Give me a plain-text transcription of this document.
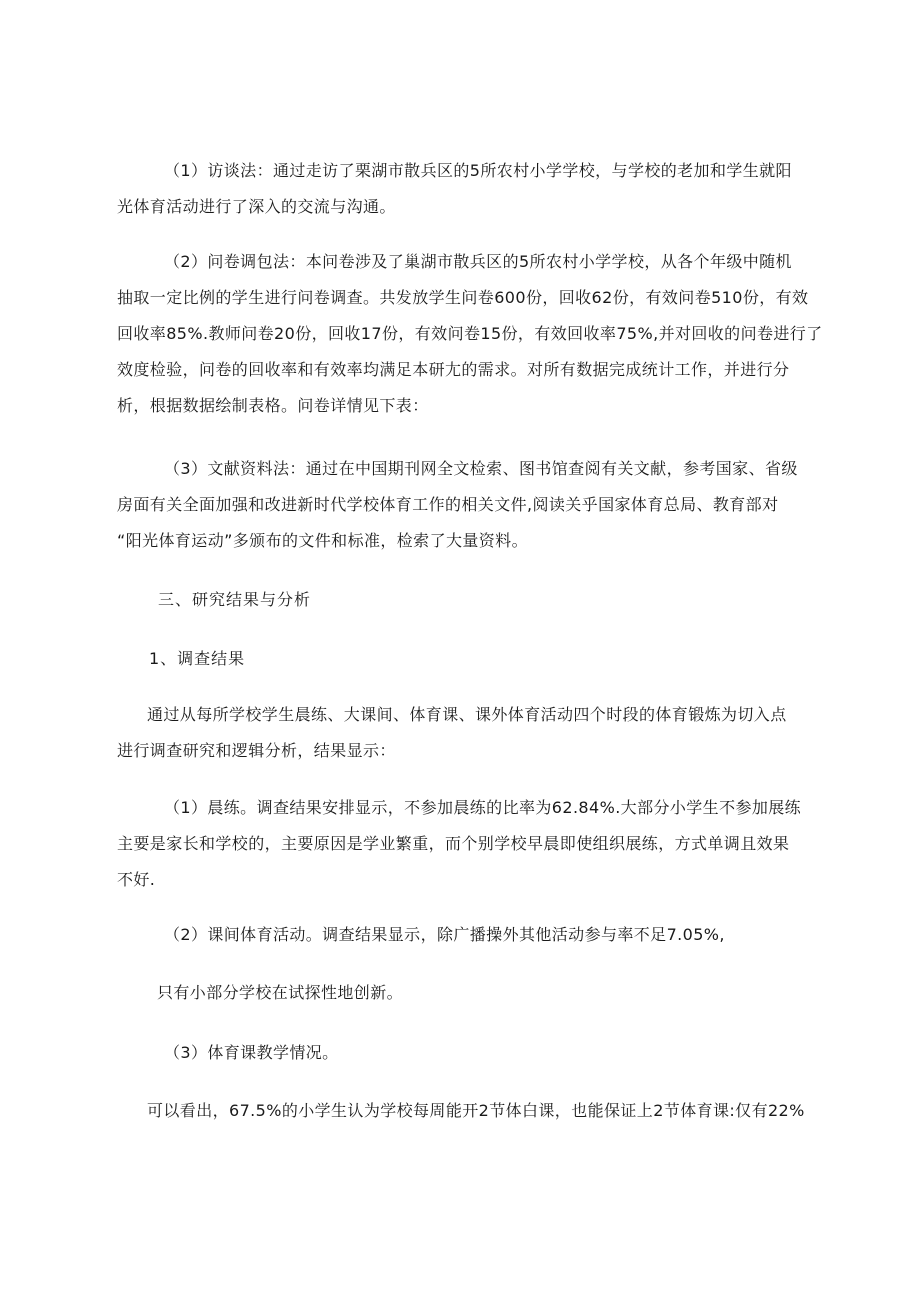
（1）访谈法：通过走访了栗湖市散兵区的5所农村小学学校，与学校的老加和学生就阳
光体育活动进行了深入的交流与沟通。
（2）问卷调包法：本问卷涉及了巢湖市散兵区的5所农村小学学校，从各个年级中随机
抽取一定比例的学生进行问卷调查。共发放学生问卷600份，回收62份，有效问卷510份，有效
回收率85%.教师问卷20份，回收17份，有效问卷15份，有效回收率75%,并对回收的问卷进行了
效度检验，问卷的回收率和有效率均满足本研尢的需求。对所有数据完成统计工作，并进行分
析，根据数据绘制表格。问卷详情见下表：
（3）文献资料法：通过在中国期刊网全文检索、图书馆查阅有关文献，参考国家、省级
房面有关全面加强和改进新时代学校体育工作的相关文件,阅读关乎国家体育总局、教育部对
“阳光体育运动”多颁布的文件和标准，检索了大量资料。
三、研究结果与分析
1、调查结果
通过从每所学校学生晨练、大课间、体育课、课外体育活动四个时段的体育锻炼为切入点
进行调查研究和逻辑分析，结果显示：
（1）晨练。调查结果安排显示，不参加晨练的比率为62.84%.大部分小学生不参加展练
主要是家长和学校的，主要原因是学业繁重，而个别学校早晨即使组织展练，方式单调且效果
不好.
（2）课间体育活动。调查结果显示，除广播操外其他活动参与率不足7.05%,
只有小部分学校在试探性地创新。
（3）体育课教学情况。
可以看出，67.5%的小学生认为学校每周能开2节体白课，也能保证上2节体育课:仅有22%
